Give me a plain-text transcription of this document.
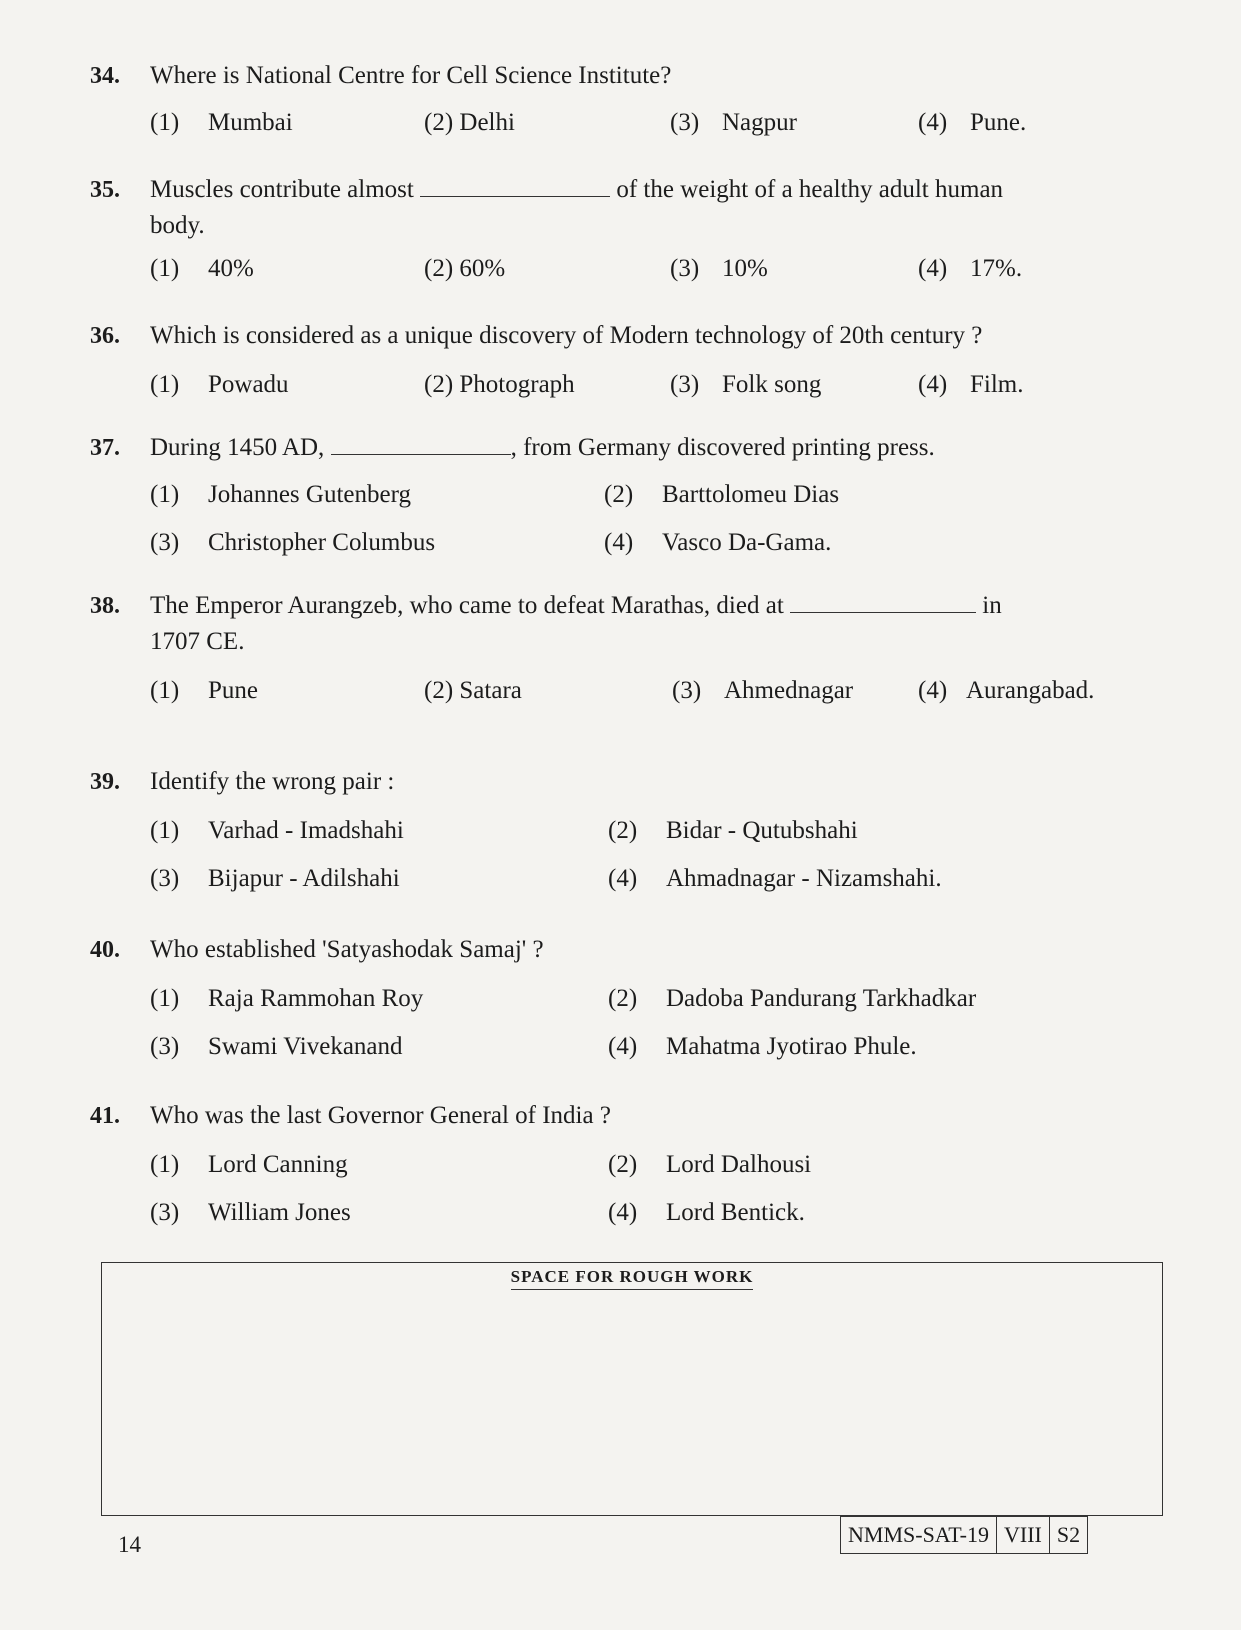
34. Where is National Centre for Cell Science Institute?
(1) Mumbai	(2) Delhi	(3) Nagpur	(4) Pune.
35. Muscles contribute almost	of the weight of a healthy adult human
body.
(1) 40%	(2) 60%	(3) 10%	(4) 17%.
36. Which is considered as a unique discovery of Modern technology of 20th century ?
(1) Powadu	(2) Photograph	(3) Folk song	(4) Film.
37. During 1450 AD,	, from Germany discovered printing press.
(1) Johannes Gutenberg	(2) Barttolomeu Dias
(3) Christopher Columbus	(4) Vasco Da-Gama.
38. The Emperor Aurangzeb, who came to defeat Marathas, died at	in
1707 CE.
(1) Pune	(2) Satara	(3) Ahmednagar	(4) Aurangabad.
39. Identify the wrong pair :
(1) Varhad - Imadshahi	(2) Bidar - Qutubshahi
(3) Bijapur - Adilshahi	(4) Ahmadnagar - Nizamshahi.
40. Who established 'Satyashodak Samaj' ?
(1) Raja Rammohan Roy	(2) Dadoba Pandurang Tarkhadkar
(3) Swami Vivekanand	(4) Mahatma Jyotirao Phule.
41. Who was the last Governor General of India ?
(1) Lord Canning	(2) Lord Dalhousi
(3) William Jones	(4) Lord Bentick.
SPACE FOR ROUGH WORK
14	NMMS-SAT-19 VIII S2
